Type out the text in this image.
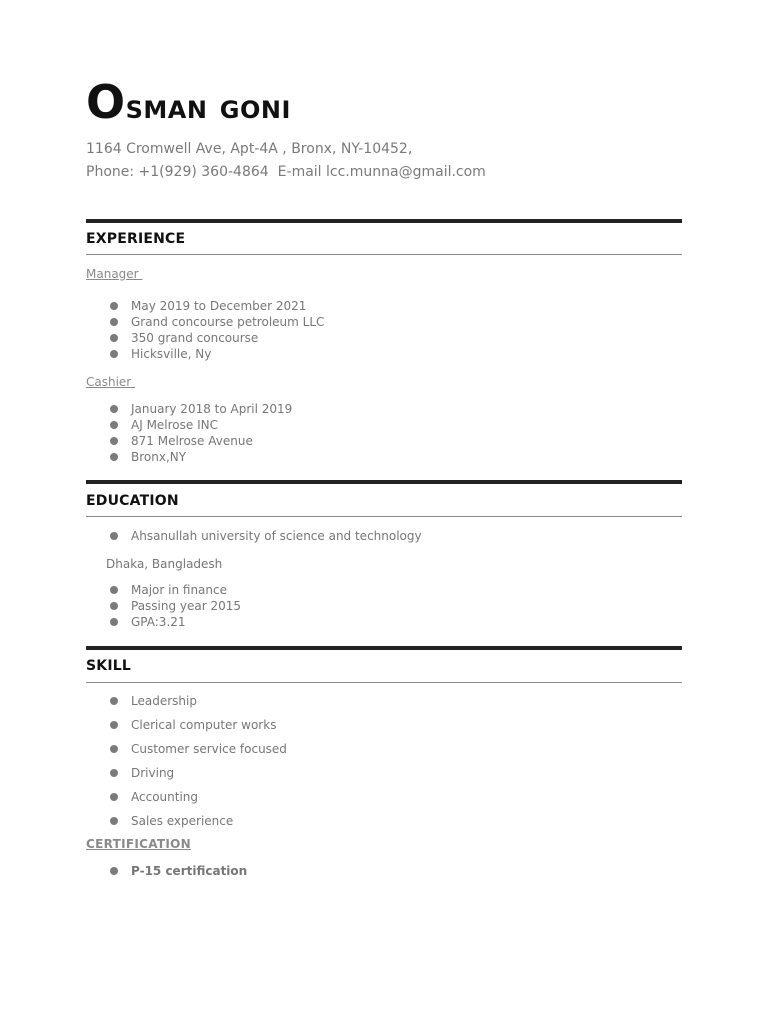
Osman goni
1164 Cromwell Ave, Apt-4A , Bronx, NY-10452,
Phone: +1(929) 360-4864 E-mail lcc.munna@gmail.com
EXPERIENCE
Manager
May 2019 to December 2021
Grand concourse petroleum LLC
350 grand concourse
Hicksville, Ny
Cashier
January 2018 to April 2019
AJ Melrose INC
871 Melrose Avenue
Bronx,NY
EDUCATION
Ahsanullah university of science and technology
Dhaka, Bangladesh
Major in finance
Passing year 2015
GPA:3.21
SKILL
Leadership
Clerical computer works
Customer service focused
Driving
Accounting
Sales experience
CERTIFICATION
P-15 certification
